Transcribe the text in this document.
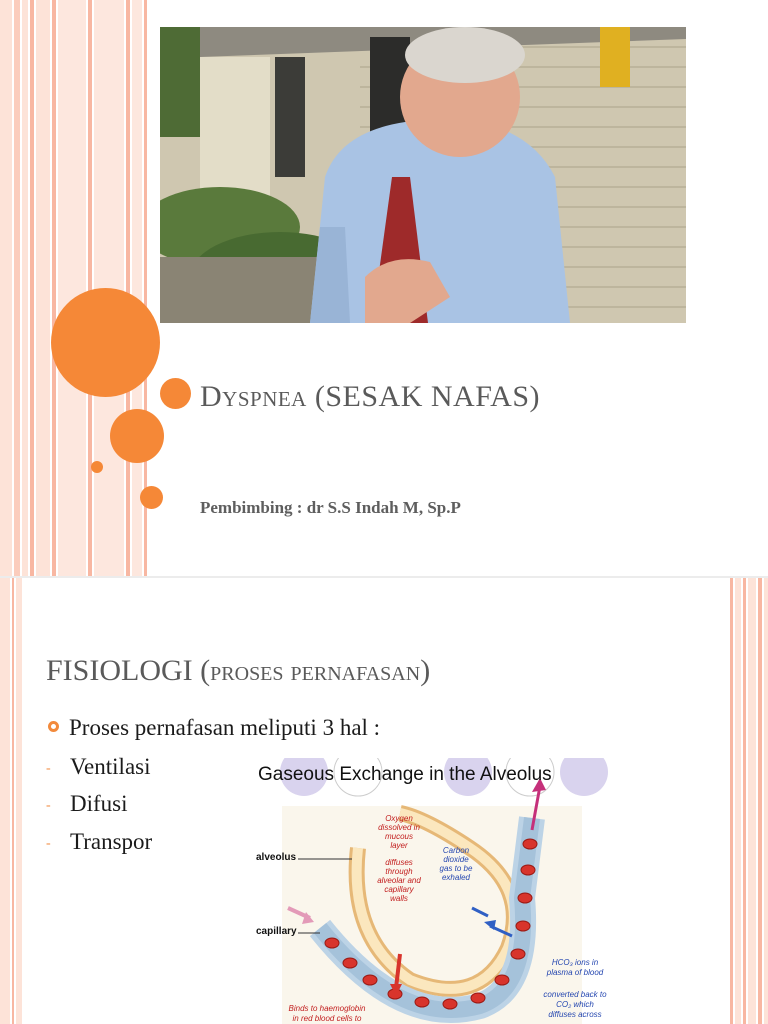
Dyspnea (SESAK NAFAS)
Pembimbing : dr S.S Indah M, Sp.P
FISIOLOGI (proses pernafasan)
Proses pernafasan meliputi 3 hal :
- Ventilasi
- Difusi
- Transpor
Gaseous Exchange in the Alveolus
alveolus
capillary
Oxygen
dissolved in
mucous
layer
diffuses
through
alveolar and
capillary
walls
Carbon
dioxide
gas to be
exhaled
HCO₃ ions in
plasma of blood
converted back to
CO₂ which
diffuses across
Binds to haemoglobin
in red blood cells to
